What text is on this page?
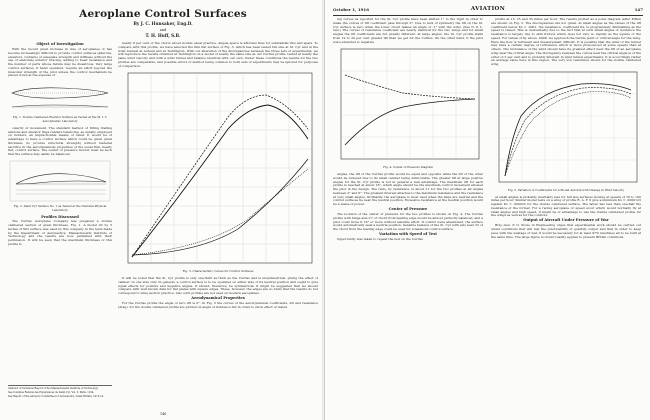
Aeroplane Control Surfaces
By J. C. Hunsaker, Eng.D.
and
T. H. Huff, S.B.
Object of Investigation

With the recent great increase in size of aeroplanes, it has become increasingly difficult to provide control surfaces (ailerons, elevators, rudders) of adequate strength and stiffness without the use of elaborate exterior bracing, adding to head resistance and the number of parts whose failure may be disastrous. Very large control surfaces, if hand operated, require an effort beyond the muscular strength of the pilot unless the control mechanism be placed down at the expense of

Fig. 1. Double Cambered Elevator Surface as Tested at the M. I. T. Aerodynamic Laboratory

celerity of movement. The standard method of fitting trailing ailerons and elevator flaps renders balancing, as usually employed on rudders, an impracticable means of relief. It would be of advantage to have a control surface which could be given great thickness (to provide structural strength) without material sacrifice in the aerodynamical properties of the usual thin, nearly flat, control surface. The center of pressure motion must be such that the surface may safely be balanced.

Fig. 2. Saint Cyr Surface No. 1 as Tested at the National Physical Laboratory

Profiles Discussed

The Curtiss Aeroplane Company has prepared a double cambered section of great thickness, Fig. 1. A model 20 by 3 inches of this surface was used by this company in the tests made by the Department of Aeronautics, Massachusetts Institute of Technology and the results are now published with their permission. It will be seen that the maximum thickness of this profile is

nearly 8 per cent of the chord; about double usual practice. Angels space is afforded thus for substantial ribs and spars. To compare with this profile, we have selected the thin flat surface of Fig. 3, which has been tested full size at St. Cyr and in the wind tunnels at Auteuil and at Teddington. With our alteration of the discrepancies between the three sets of experiments, we will reproduce the results obtained at Teddington on a model of nearly the same size as our Curtiss profile, tested at nearly the same wind velocity and with a wind tunnel and balance identical with our own. Under these conditions the results for the two profiles are comparable, and possible errors of method being common to both sets of experiments may be ignored for purposes of comparison.

Fig. 3. Characteristic Curves for Control Surfaces

It will be noted that the St. Cyr profile is only one-third as thick as the Curtiss and is unsymmetrical, giving the effect of camber on one side only. In general, a control surface is to be operated on either side of its neutral position and ought to give equal effects for positive and negative angles. It should, therefore, be symmetrical. It might be suggested that we should compare with well known data for flat plates with square edges. These, however, the edges are so blunt that the results do not correspond to wing section practice. Also such profiles are not used on modern aeroplanes.

Aerodynamical Properties

For the Curtiss profile the angle of zero lift is 0°. In Fig. 3 the curves of the aerodynamical coefficients, lift and resistance (drag), for the double cambered profile are plotted on angle of incidence but in order to show effect of tested

Abstract of Technical Report of the Massachusetts Institute of Technology.
See Comptes Rendus des Experiences de Saint-Cyr, Vol. 3, Paris, 1914.
See Report of the Advisory Committee for Aeronautics, Great Britain, 1913-14.
146
October 1, 1916	AVIATION	147

ing curves as reported for the St. Cyr profile have been shifted 1° to the right in order to make the curves of lift coefficient pass through 0°. Due to lack of symmetry the lift on the St. Cyr surface is zero when the lower chord makes an angle of -1° with the wind. (See N. P. L. test.) The curves of resistance coefficient are nearly identical for the two wings and for small angles the lift coefficients are not greatly different. At large angles, the St. Cyr profile stalls from 19 to 20 per cent greater lift than we get for the Curtiss. On the other hand, if the pilot were extended to negative

Fig. 4. Center of Pressure Diagram

angles, the lift of the Curtiss profile would be equal and opposite while the lift of the other would be reduced due to its small camber being unfavorable. The greater lift at large positive angles for the St. Cyr profile is not in general a real advantage. The maximum lift for each profile is reached at about 16°, which angle should be the maximum control movement allowed the pilot in the design. The ratio, by resistance, is about 11 for the two profiles at all angles between 2° and 6°. The greatest interest attaches to the maximum resistance and the resistance at very small angles. Ordinarily, the aeroplane is most used when the flaps are neutral and the control surfaces lie near the neutral position. Excessive resistance at the neutral position would be a waste of power.

Center of Pressure

The location of the center of pressure for the two profiles is shown on Fig. 4. The Curtiss profile with hinge axis 2½ of chord from leading edge would be almost perfectly balanced, and a pilot could move it 18° or more without sensible effort. If control were abandoned, the surface would automatically seek a neutral position. Sensible balance of the St. Cyr with axis near 25 of the chord from the leading edge could be used for a balanced control surface.

Variation with Speed of Test

Opportunity was taken to repeat the test on the Curtiss

profile at 15, 25 and 35 miles per hour. The results plotted as a polar diagram (after Eiffel) are shown on Fig. 5. The discrepancies are not great. At small angles as the values of the lift coefficient below Kx = .0001, the resistance, coefficient Kx, is progressively diminishing as the speed is raised. This is undoubtedly due to the fact that at such small angles of incidence the resistance is largely due to skin friction which does not vary so rapidly as the square of the speed. For values of Ky above .0008, we approach the burble point or critical angle for the wing. Here the flow is turbulent and measurement difficult. It is possible that the wind of the tunnel may have a certain degree of turbulence which is more pronounced at some speeds than at others. The turbulence of the wind should have its greatest effect near the lift of an aeroplane wing near the critical angle. The discrepancy between the curves near the critical angle is of the order of 5 per cent and is probably inherent in wind tunnel experiments. It is accordingly rather an average value here in this region. The very low resistance shown for the double cambered wing

Fig. 5. Variation of Coefficients for a Model Aerofoil with Change in Wind Velocity

at small angles is probably inevitably less for full size surfaces moving at speeds of 70 to 100 miles per hour. Similar model tests on a wing of profile R. A. F. 6 give a minimum Kx = .0000123 against Kx = .000025 for the double cambered surface. The latter has less than one-half the resistance of the former. For a racing aeroplane or speed scout which would normally fly at small angles and high speed, it might be of advantage to use the double cambered profile for the wings as well as for the controls.

Output of Aircraft Under Pressure of War

Brig.-Gen. P. O. Stone in Engineering urges that experimental work should be carried out under conditions that will test the practicability of quantity output and that in order to keep pace with the wastage of war, it would be necessary for at least 97% machines all to be built at the same time. The large figure no doubt readily applies to present British conditions.
